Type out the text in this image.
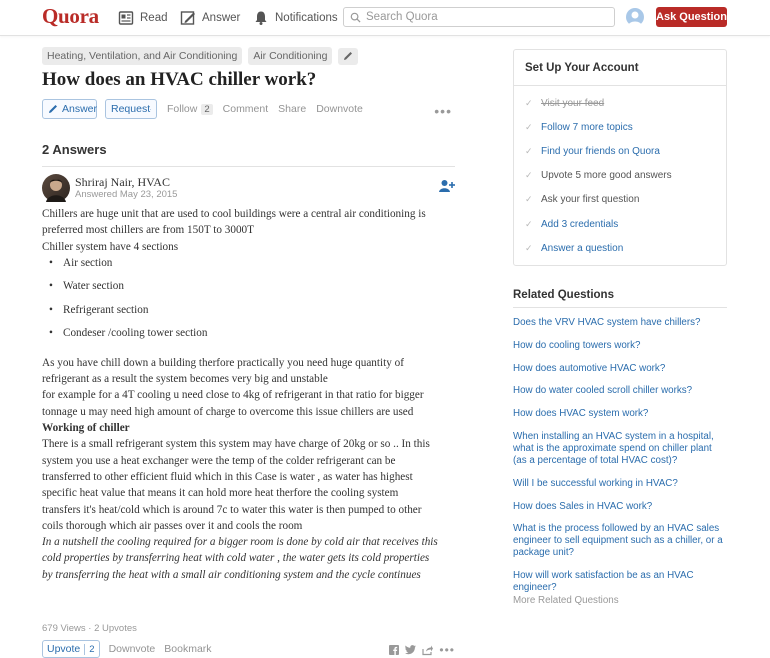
Quora	Read	Answer	Notifications
Search Quora	Ask Question
Heating, Ventilation, and Air Conditioning	Air Conditioning
How does an HVAC chiller work?
Answer Request Follow 2 Comment Share Downvote	•••
2 Answers
Shriraj Nair, HVAC
Answered May 23, 2015

Chillers are huge unit that are used to cool buildings were a central air conditioning is

preferred most chillers are from 150T to 3000T

Chiller system have 4 sections

• Air section
• Water section
• Refrigerant section
• Condeser /cooling tower section

As you have chill down a building therfore practically you need huge quantity of

refrigerant as a result the system becomes very big and unstable

for example for a 4T cooling u need close to 4kg of refrigerant in that ratio for bigger

tonnage u may need high amount of charge to overcome this issue chillers are used

Working of chiller

There is a small refrigerant system this system may have charge of 20kg or so .. In this

system you use a heat exchanger were the temp of the colder refrigerant can be

transferred to other efficient fluid which in this Case is water , as water has highest

specific heat value that means it can hold more heat therfore the cooling system

transfers it's heat/cold which is around 7c to water this water is then pumped to other

coils thorough which air passes over it and cools the room

In a nutshell the cooling required for a bigger room is done by cold air that receives this

cold properties by transferring heat with cold water , the water gets its cold properties

by transferring the heat with a small air conditioning system and the cycle continues

679 Views · 2 Upvotes
Upvote 2 Downvote Bookmark	•••
Set Up Your Account
✓ Visit your feed
✓ Follow 7 more topics
✓ Find your friends on Quora
✓ Upvote 5 more good answers
✓ Ask your first question
✓ Add 3 credentials
✓ Answer a question
Related Questions
Does the VRV HVAC system have chillers?
How do cooling towers work?
How does automotive HVAC work?
How do water cooled scroll chiller works?
How does HVAC system work?
When installing an HVAC system in a hospital, what is the approximate spend on chiller plant (as a percentage of total HVAC cost)?
Will I be successful working in HVAC?
How does Sales in HVAC work?
What is the process followed by an HVAC sales engineer to sell equipment such as a chiller, or a package unit?
How will work satisfaction be as an HVAC engineer?
More Related Questions
